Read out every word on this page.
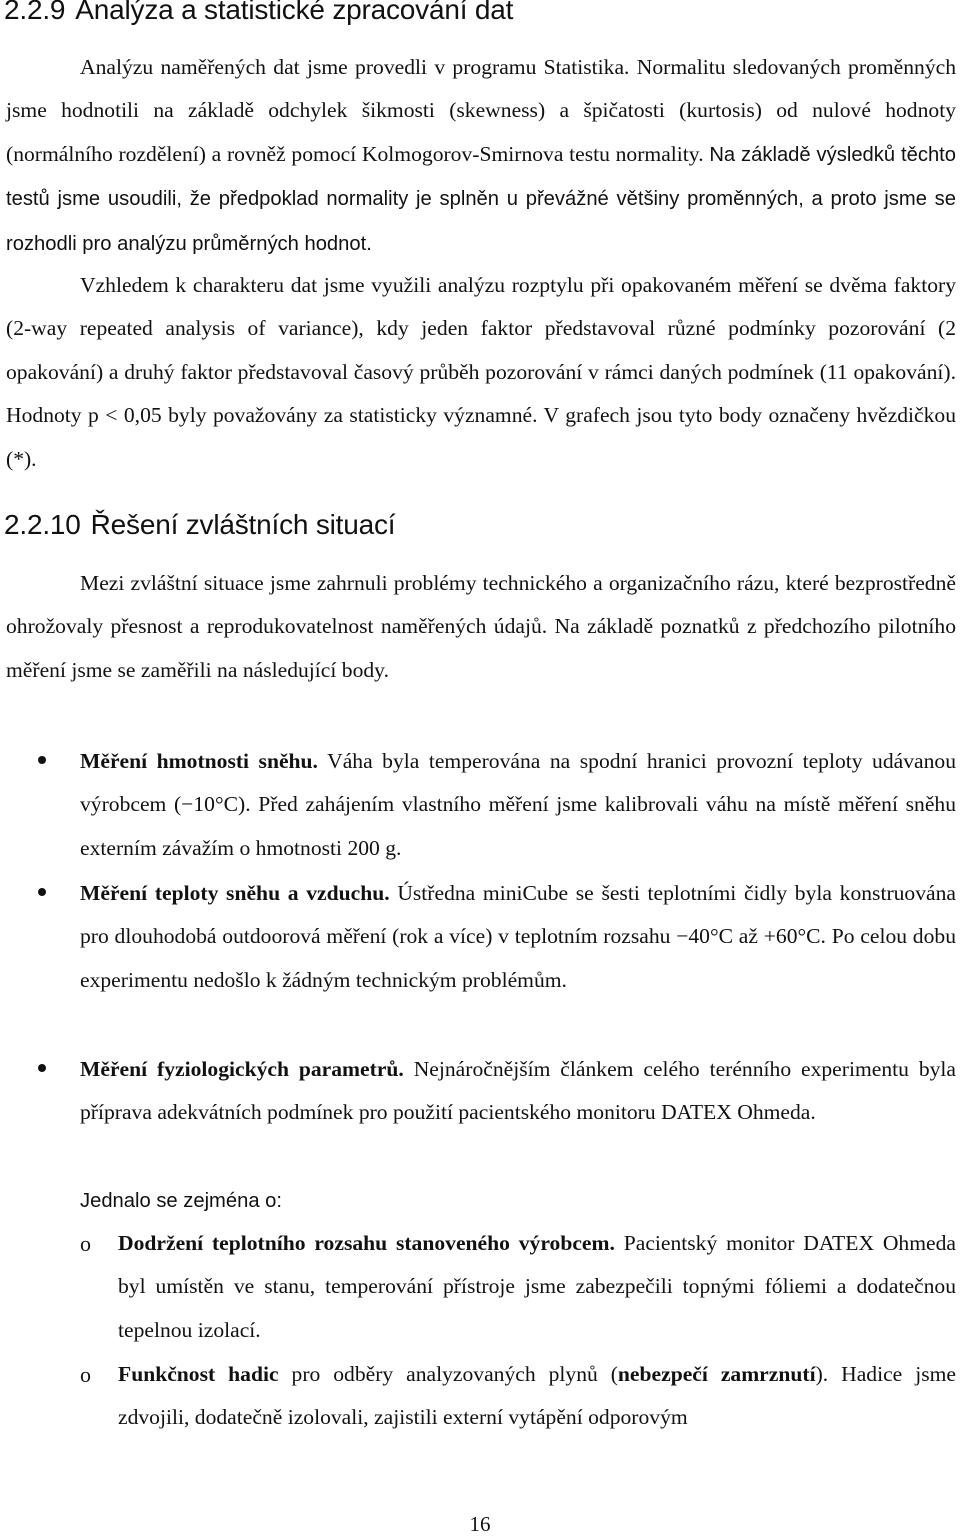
2.2.9 Analýza a statistické zpracování dat

Analýzu naměřených dat jsme provedli v programu Statistika. Normalitu sledovaných proměnných jsme hodnotili na základě odchylek šikmosti (skewness) a špičatosti (kurtosis) od nulové hodnoty (normálního rozdělení) a rovněž pomocí Kolmogorov-Smirnova testu normality. Na základě výsledků těchto testů jsme usoudili, že předpoklad normality je splněn u převážné většiny proměnných, a proto jsme se rozhodli pro analýzu průměrných hodnot.

Vzhledem k charakteru dat jsme využili analýzu rozptylu při opakovaném měření se dvěma faktory (2-way repeated analysis of variance), kdy jeden faktor představoval různé podmínky pozorování (2 opakování) a druhý faktor představoval časový průběh pozorování v rámci daných podmínek (11 opakování). Hodnoty p < 0,05 byly považovány za statisticky významné. V grafech jsou tyto body označeny hvězdičkou (*).

2.2.10 Řešení zvláštních situací

Mezi zvláštní situace jsme zahrnuli problémy technického a organizačního rázu, které bezprostředně ohrožovaly přesnost a reprodukovatelnost naměřených údajů. Na základě poznatků z předchozího pilotního měření jsme se zaměřili na následující body.

Měření hmotnosti sněhu. Váha byla temperována na spodní hranici provozní teploty udávanou výrobcem (−10°C). Před zahájením vlastního měření jsme kalibrovali váhu na místě měření sněhu externím závažím o hmotnosti 200 g.

Měření teploty sněhu a vzduchu. Ústředna miniCube se šesti teplotními čidly byla konstruována pro dlouhodobá outdoorová měření (rok a více) v teplotním rozsahu −40°C až +60°C. Po celou dobu experimentu nedošlo k žádným technickým problémům.

Měření fyziologických parametrů. Nejnáročnějším článkem celého terénního experimentu byla příprava adekvátních podmínek pro použití pacientského monitoru DATEX Ohmeda.

Jednalo se zejména o:

o Dodržení teplotního rozsahu stanoveného výrobcem. Pacientský monitor DATEX Ohmeda byl umístěn ve stanu, temperování přístroje jsme zabezpečili topnými fóliemi a dodatečnou tepelnou izolací.

o Funkčnost hadic pro odběry analyzovaných plynů (nebezpečí zamrznutí). Hadice jsme zdvojili, dodatečně izolovali, zajistili externí vytápění odporovým

16
